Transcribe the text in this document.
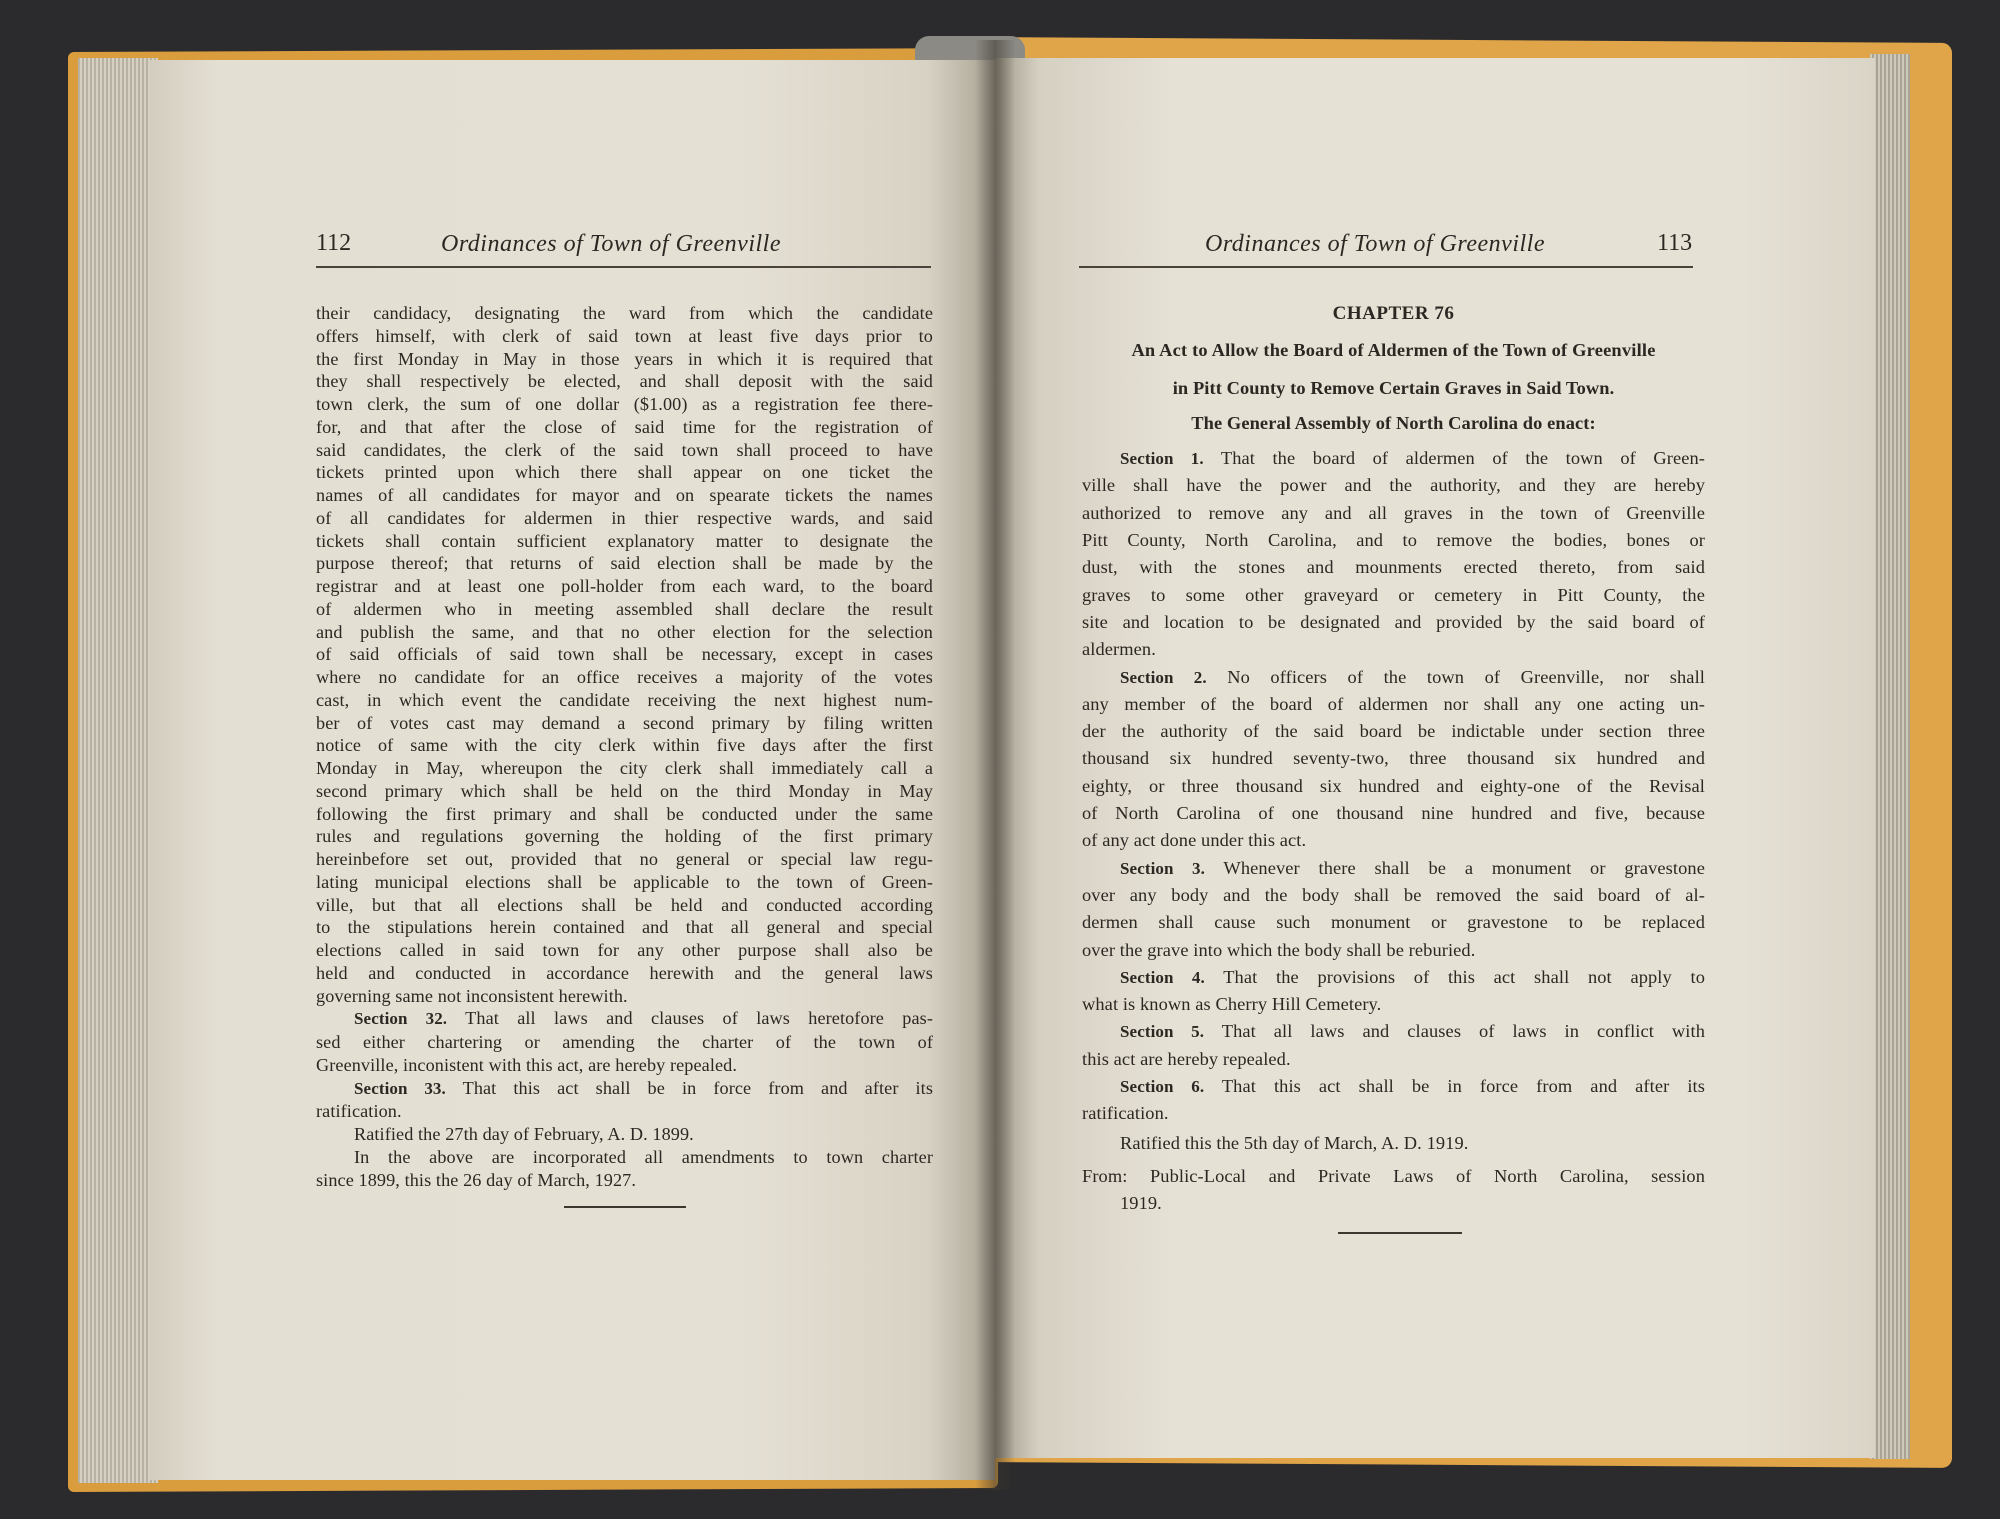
112	Ordinances of Town of Greenville	Ordinances of Town of Greenville	113
their candidacy, designating the ward from which the candidate
offers himself, with clerk of said town at least five days prior to
the first Monday in May in those years in which it is required that
they shall respectively be elected, and shall deposit with the said
town clerk, the sum of one dollar ($1.00) as a registration fee there-
for, and that after the close of said time for the registration of
said candidates, the clerk of the said town shall proceed to have
tickets printed upon which there shall appear on one ticket the
names of all candidates for mayor and on spearate tickets the names
of all candidates for aldermen in thier respective wards, and said
tickets shall contain sufficient explanatory matter to designate the
purpose thereof; that returns of said election shall be made by the
registrar and at least one poll-holder from each ward, to the board
of aldermen who in meeting assembled shall declare the result
and publish the same, and that no other election for the selection
of said officials of said town shall be necessary, except in cases
where no candidate for an office receives a majority of the votes
cast, in which event the candidate receiving the next highest num-
ber of votes cast may demand a second primary by filing written
notice of same with the city clerk within five days after the first
Monday in May, whereupon the city clerk shall immediately call a
second primary which shall be held on the third Monday in May
following the first primary and shall be conducted under the same
rules and regulations governing the holding of the first primary
hereinbefore set out, provided that no general or special law regu-
lating municipal elections shall be applicable to the town of Green-
ville, but that all elections shall be held and conducted according
to the stipulations herein contained and that all general and special
elections called in said town for any other purpose shall also be
held and conducted in accordance herewith and the general laws
governing same not inconsistent herewith.
Section 32. That all laws and clauses of laws heretofore pas-
sed either chartering or amending the charter of the town of
Greenville, inconistent with this act, are hereby repealed.
Section 33. That this act shall be in force from and after its
ratification.
Ratified the 27th day of February, A. D. 1899.
In the above are incorporated all amendments to town charter
since 1899, this the 26 day of March, 1927.
CHAPTER 76
An Act to Allow the Board of Aldermen of the Town of Greenville
in Pitt County to Remove Certain Graves in Said Town.
The General Assembly of North Carolina do enact:
Section 1. That the board of aldermen of the town of Green-
ville shall have the power and the authority, and they are hereby
authorized to remove any and all graves in the town of Greenville
Pitt County, North Carolina, and to remove the bodies, bones or
dust, with the stones and mounments erected thereto, from said
graves to some other graveyard or cemetery in Pitt County, the
site and location to be designated and provided by the said board of
aldermen.
Section 2. No officers of the town of Greenville, nor shall
any member of the board of aldermen nor shall any one acting un-
der the authority of the said board be indictable under section three
thousand six hundred seventy-two, three thousand six hundred and
eighty, or three thousand six hundred and eighty-one of the Revisal
of North Carolina of one thousand nine hundred and five, because
of any act done under this act.
Section 3. Whenever there shall be a monument or gravestone
over any body and the body shall be removed the said board of al-
dermen shall cause such monument or gravestone to be replaced
over the grave into which the body shall be reburied.
Section 4. That the provisions of this act shall not apply to
what is known as Cherry Hill Cemetery.
Section 5. That all laws and clauses of laws in conflict with
this act are hereby repealed.
Section 6. That this act shall be in force from and after its
ratification.
Ratified this the 5th day of March, A. D. 1919.
From: Public-Local and Private Laws of North Carolina, session
1919.
